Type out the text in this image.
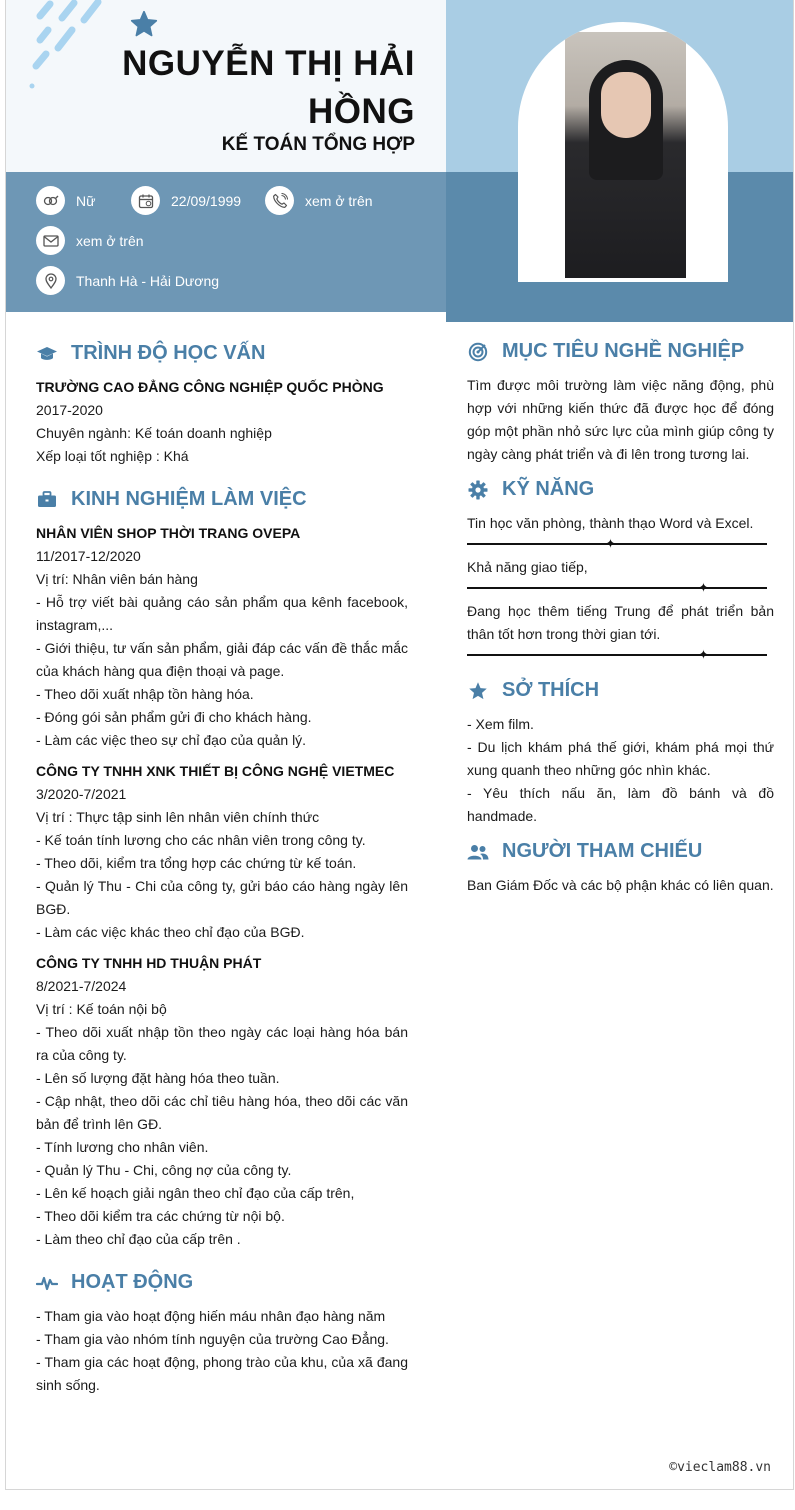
NGUYỄN THỊ HẢI HỒNG
KẾ TOÁN TỔNG HỢP
Nữ	22/09/1999	xem ở trên
xem ở trên
Thanh Hà - Hải Dương
TRÌNH ĐỘ HỌC VẤN
TRƯỜNG CAO ĐẲNG CÔNG NGHIỆP QUỐC PHÒNG
2017-2020
Chuyên ngành: Kế toán doanh nghiệp
Xếp loại tốt nghiệp : Khá
KINH NGHIỆM LÀM VIỆC
NHÂN VIÊN SHOP THỜI TRANG OVEPA
11/2017-12/2020
Vị trí: Nhân viên bán hàng
- Hỗ trợ viết bài quảng cáo sản phẩm qua kênh facebook, instagram,...
- Giới thiệu, tư vấn sản phẩm, giải đáp các vấn đề thắc mắc của khách hàng qua điện thoại và page.
- Theo dõi xuất nhập tồn hàng hóa.
- Đóng gói sản phẩm gửi đi cho khách hàng.
- Làm các việc theo sự chỉ đạo của quản lý.
CÔNG TY TNHH XNK THIẾT BỊ CÔNG NGHỆ VIETMEC
3/2020-7/2021
Vị trí : Thực tập sinh lên nhân viên chính thức
- Kế toán tính lương cho các nhân viên trong công ty.
- Theo dõi, kiểm tra tổng hợp các chứng từ kế toán.
- Quản lý Thu - Chi của công ty, gửi báo cáo hàng ngày lên BGĐ.
- Làm các việc khác theo chỉ đạo của BGĐ.
CÔNG TY TNHH HD THUẬN PHÁT
8/2021-7/2024
Vị trí : Kế toán nội bộ
- Theo dõi xuất nhập tồn theo ngày các loại hàng hóa bán ra của công ty.
- Lên số lượng đặt hàng hóa theo tuần.
- Cập nhật, theo dõi các chỉ tiêu hàng hóa, theo dõi các văn bản để trình lên GĐ.
- Tính lương cho nhân viên.
- Quản lý Thu - Chi, công nợ của công ty.
- Lên kế hoạch giải ngân theo chỉ đạo của cấp trên,
- Theo dõi kiểm tra các chứng từ nội bộ.
- Làm theo chỉ đạo của cấp trên .
HOẠT ĐỘNG
- Tham gia vào hoạt động hiến máu nhân đạo hàng năm
- Tham gia vào nhóm tính nguyện của trường Cao Đẳng.
- Tham gia các hoạt động, phong trào của khu, của xã đang sinh sống.
MỤC TIÊU NGHỀ NGHIỆP
Tìm được môi trường làm việc năng động, phù hợp với những kiến thức đã được học để đóng góp một phần nhỏ sức lực của mình giúp công ty ngày càng phát triển và đi lên trong tương lai.
KỸ NĂNG
Tin học văn phòng, thành thạo Word và Excel.
✦
Khả năng giao tiếp,
✦
Đang học thêm tiếng Trung để phát triển bản thân tốt hơn trong thời gian tới.
✦
SỞ THÍCH
- Xem film.
- Du lịch khám phá thế giới, khám phá mọi thứ xung quanh theo những góc nhìn khác.
- Yêu thích nấu ăn, làm đồ bánh và đồ handmade.
NGƯỜI THAM CHIẾU
Ban Giám Đốc và các bộ phận khác có liên quan.
©vieclam88.vn
